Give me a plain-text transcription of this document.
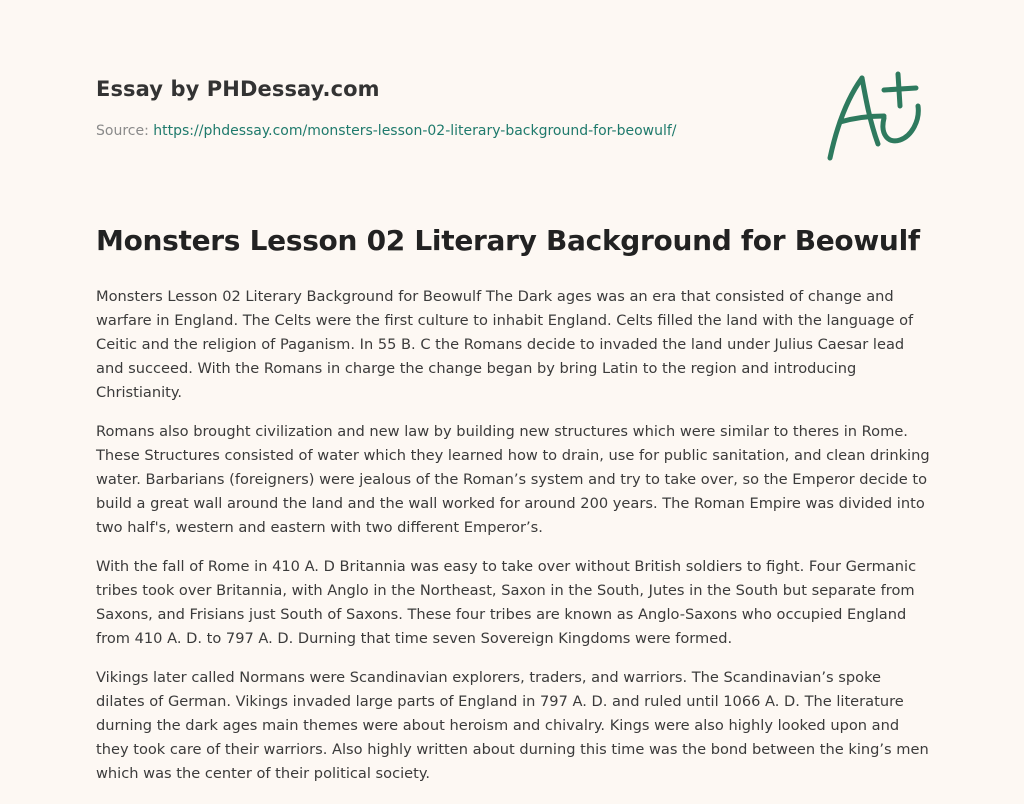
Essay by PHDessay.com
Source: https://phdessay.com/monsters-lesson-02-literary-background-for-beowulf/
Monsters Lesson 02 Literary Background for Beowulf

Monsters Lesson 02 Literary Background for Beowulf The Dark ages was an era that consisted of change and warfare in England. The Celts were the first culture to inhabit England. Celts filled the land with the language of Ceitic and the religion of Paganism. In 55 B. C the Romans decide to invaded the land under Julius Caesar lead and succeed. With the Romans in charge the change began by bring Latin to the region and introducing Christianity.

Romans also brought civilization and new law by building new structures which were similar to theres in Rome. These Structures consisted of water which they learned how to drain, use for public sanitation, and clean drinking water. Barbarians (foreigners) were jealous of the Roman’s system and try to take over, so the Emperor decide to build a great wall around the land and the wall worked for around 200 years. The Roman Empire was divided into two half's, western and eastern with two different Emperor’s.

With the fall of Rome in 410 A. D Britannia was easy to take over without British soldiers to fight. Four Germanic tribes took over Britannia, with Anglo in the Northeast, Saxon in the South, Jutes in the South but separate from Saxons, and Frisians just South of Saxons. These four tribes are known as Anglo-Saxons who occupied England from 410 A. D. to 797 A. D. Durning that time seven Sovereign Kingdoms were formed.

Vikings later called Normans were Scandinavian explorers, traders, and warriors. The Scandinavian’s spoke dilates of German. Vikings invaded large parts of England in 797 A. D. and ruled until 1066 A. D. The literature durning the dark ages main themes were about heroism and chivalry. Kings were also highly looked upon and they took care of their warriors. Also highly written about durning this time was the bond between the king’s men which was the center of their political society.
